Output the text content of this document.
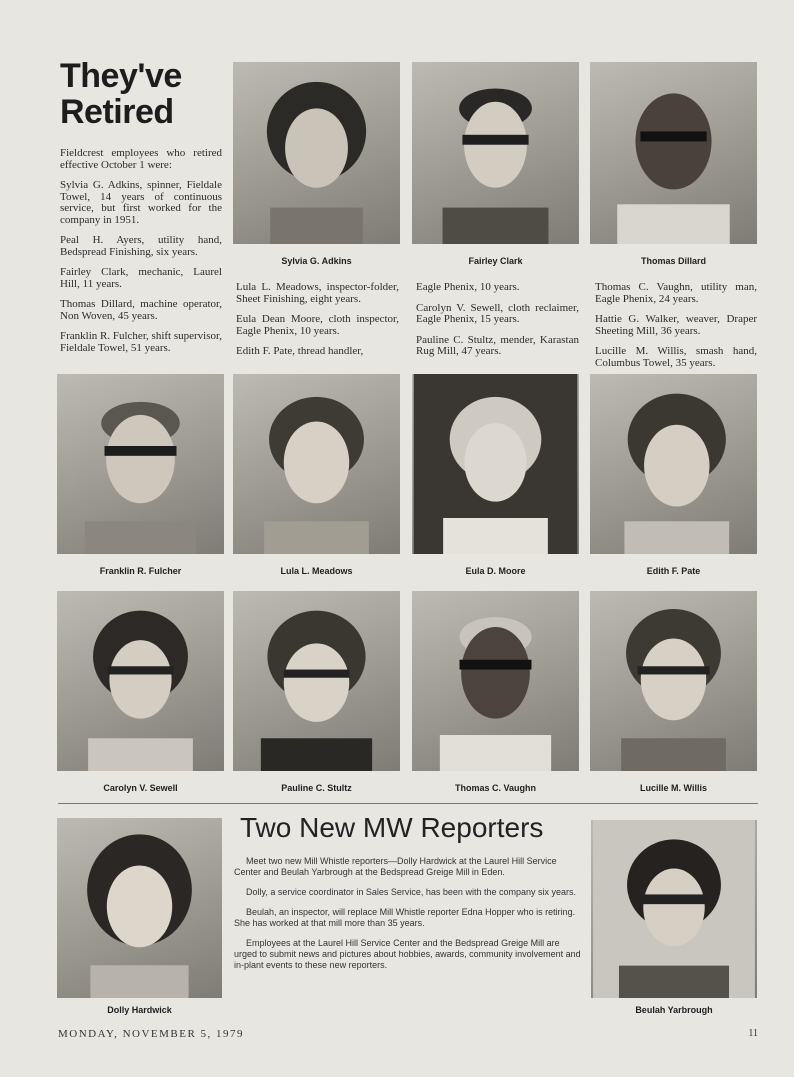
They've
Retired

Fieldcrest employees who retired effective October 1 were:

Sylvia G. Adkins, spinner, Fieldale Towel, 14 years of continuous service, but first worked for the company in 1951.

Peal H. Ayers, utility hand, Bedspread Finishing, six years.

Fairley Clark, mechanic, Laurel Hill, 11 years.

Thomas Dillard, machine operator, Non Woven, 45 years.

Franklin R. Fulcher, shift supervisor, Fieldale Towel, 51 years.

Sylvia G. Adkins	Fairley Clark	Thomas Dillard

Lula L. Meadows, inspector-folder, Sheet Finishing, eight years.

Eula Dean Moore, cloth inspector, Eagle Phenix, 10 years.

Edith F. Pate, thread handler,

Eagle Phenix, 10 years.

Carolyn V. Sewell, cloth reclaimer, Eagle Phenix, 15 years.

Pauline C. Stultz, mender, Karastan Rug Mill, 47 years.

Thomas C. Vaughn, utility man, Eagle Phenix, 24 years.

Hattie G. Walker, weaver, Draper Sheeting Mill, 36 years.

Lucille M. Willis, smash hand, Columbus Towel, 35 years.

Franklin R. Fulcher	Lula L. Meadows	Eula D. Moore	Edith F. Pate
Carolyn V. Sewell	Pauline C. Stultz	Thomas C. Vaughn	Lucille M. Willis
Dolly Hardwick
Two New MW Reporters

Meet two new Mill Whistle reporters—Dolly Hardwick at the Laurel Hill Service Center and Beulah Yarbrough at the Bedspread Greige Mill in Eden.

Dolly, a service coordinator in Sales Service, has been with the company six years.

Beulah, an inspector, will replace Mill Whistle reporter Edna Hopper who is retiring. She has worked at that mill more than 35 years.

Employees at the Laurel Hill Service Center and the Bedspread Greige Mill are urged to submit news and pictures about hobbies, awards, community involvement and in-plant events to these new reporters.

Beulah Yarbrough
MONDAY, NOVEMBER 5, 1979	11
